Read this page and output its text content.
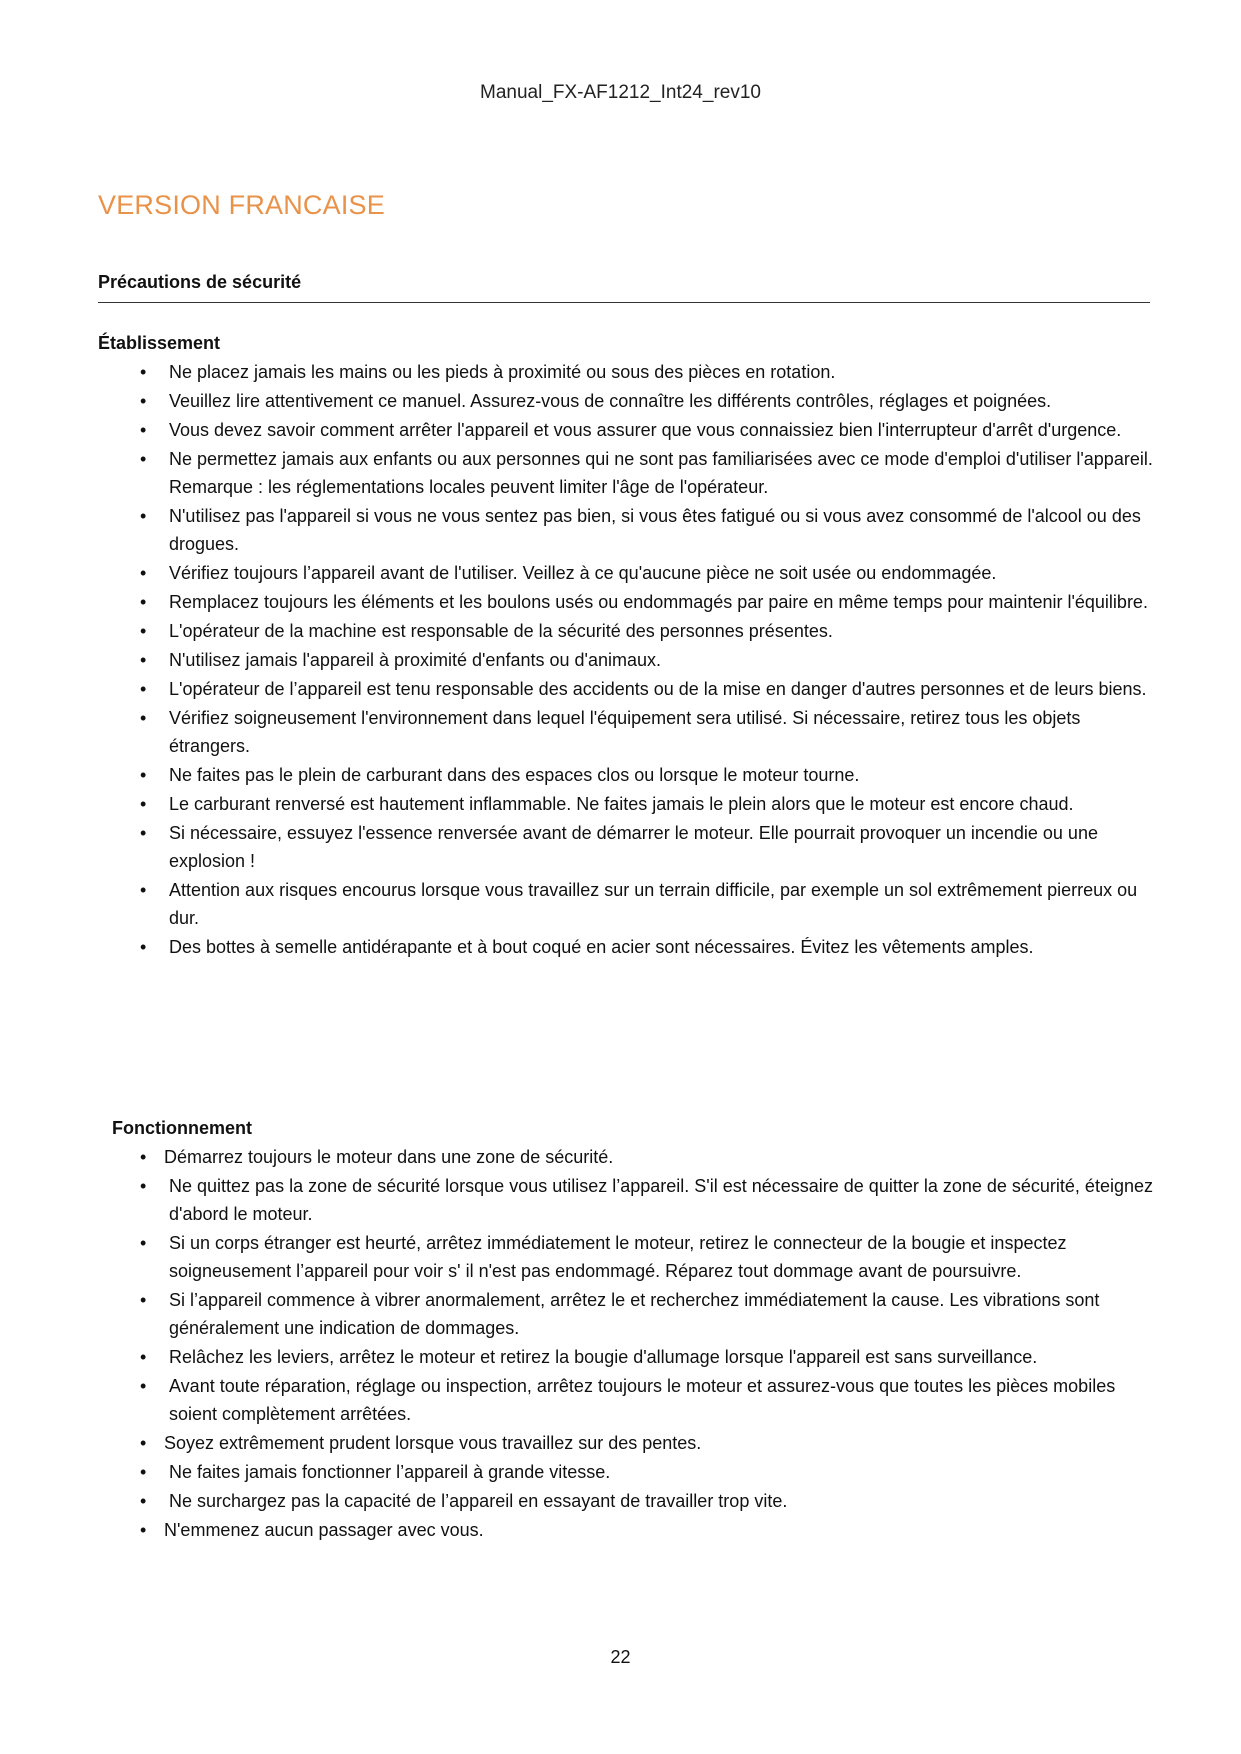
Manual_FX-AF1212_Int24_rev10
VERSION FRANCAISE
Précautions de sécurité
Établissement
• Ne placez jamais les mains ou les pieds à proximité ou sous des pièces en rotation.
• Veuillez lire attentivement ce manuel. Assurez-vous de connaître les différents contrôles, réglages et poignées.
• Vous devez savoir comment arrêter l'appareil et vous assurer que vous connaissiez bien l'interrupteur d'arrêt d'urgence.
• Ne permettez jamais aux enfants ou aux personnes qui ne sont pas familiarisées avec ce mode d'emploi d'utiliser l'appareil. Remarque : les réglementations locales peuvent limiter l'âge de l'opérateur.
• N'utilisez pas l'appareil si vous ne vous sentez pas bien, si vous êtes fatigué ou si vous avez consommé de l'alcool ou des drogues.
• Vérifiez toujours l’appareil avant de l'utiliser. Veillez à ce qu'aucune pièce ne soit usée ou endommagée.
• Remplacez toujours les éléments et les boulons usés ou endommagés par paire en même temps pour maintenir l'équilibre.
• L'opérateur de la machine est responsable de la sécurité des personnes présentes.
• N'utilisez jamais l'appareil à proximité d'enfants ou d'animaux.
• L'opérateur de l’appareil est tenu responsable des accidents ou de la mise en danger d'autres personnes et de leurs biens.
• Vérifiez soigneusement l'environnement dans lequel l'équipement sera utilisé. Si nécessaire, retirez tous les objets étrangers.
• Ne faites pas le plein de carburant dans des espaces clos ou lorsque le moteur tourne.
• Le carburant renversé est hautement inflammable. Ne faites jamais le plein alors que le moteur est encore chaud.
• Si nécessaire, essuyez l'essence renversée avant de démarrer le moteur. Elle pourrait provoquer un incendie ou une explosion !
• Attention aux risques encourus lorsque vous travaillez sur un terrain difficile, par exemple un sol extrêmement pierreux ou dur.
• Des bottes à semelle antidérapante et à bout coqué en acier sont nécessaires. Évitez les vêtements amples.
Fonctionnement
• Démarrez toujours le moteur dans une zone de sécurité.
• Ne quittez pas la zone de sécurité lorsque vous utilisez l’appareil. S'il est nécessaire de quitter la zone de sécurité, éteignez d'abord le moteur.
• Si un corps étranger est heurté, arrêtez immédiatement le moteur, retirez le connecteur de la bougie et inspectez soigneusement l’appareil pour voir s' il n'est pas endommagé. Réparez tout dommage avant de poursuivre.
• Si l’appareil commence à vibrer anormalement, arrêtez le et recherchez immédiatement la cause. Les vibrations sont généralement une indication de dommages.
• Relâchez les leviers, arrêtez le moteur et retirez la bougie d'allumage lorsque l'appareil est sans surveillance.
• Avant toute réparation, réglage ou inspection, arrêtez toujours le moteur et assurez-vous que toutes les pièces mobiles soient complètement arrêtées.
• Soyez extrêmement prudent lorsque vous travaillez sur des pentes.
• Ne faites jamais fonctionner l’appareil à grande vitesse.
• Ne surchargez pas la capacité de l’appareil en essayant de travailler trop vite.
• N'emmenez aucun passager avec vous.
22
